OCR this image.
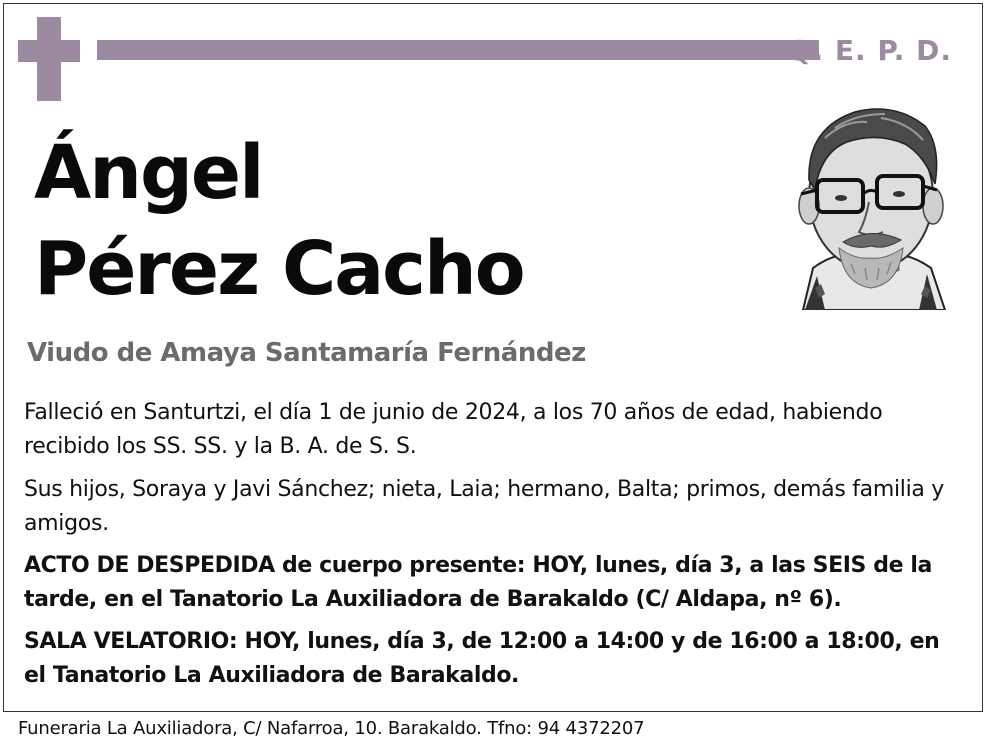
Q. E. P. D.
Ángel
Pérez Cacho
Viudo de Amaya Santamaría Fernández
Falleció en Santurtzi, el día 1 de junio de 2024, a los 70 años de edad, habiendo recibido los SS. SS. y la B. A. de S. S.
Sus hijos, Soraya y Javi Sánchez; nieta, Laia; hermano, Balta; primos, demás familia y amigos.
ACTO DE DESPEDIDA de cuerpo presente: HOY, lunes, día 3, a las SEIS de la tarde, en el Tanatorio La Auxiliadora de Barakaldo (C/ Aldapa, nº 6).
SALA VELATORIO: HOY, lunes, día 3, de 12:00 a 14:00 y de 16:00 a 18:00, en el Tanatorio La Auxiliadora de Barakaldo.
Funeraria La Auxiliadora, C/ Nafarroa, 10. Barakaldo. Tfno: 94 4372207
